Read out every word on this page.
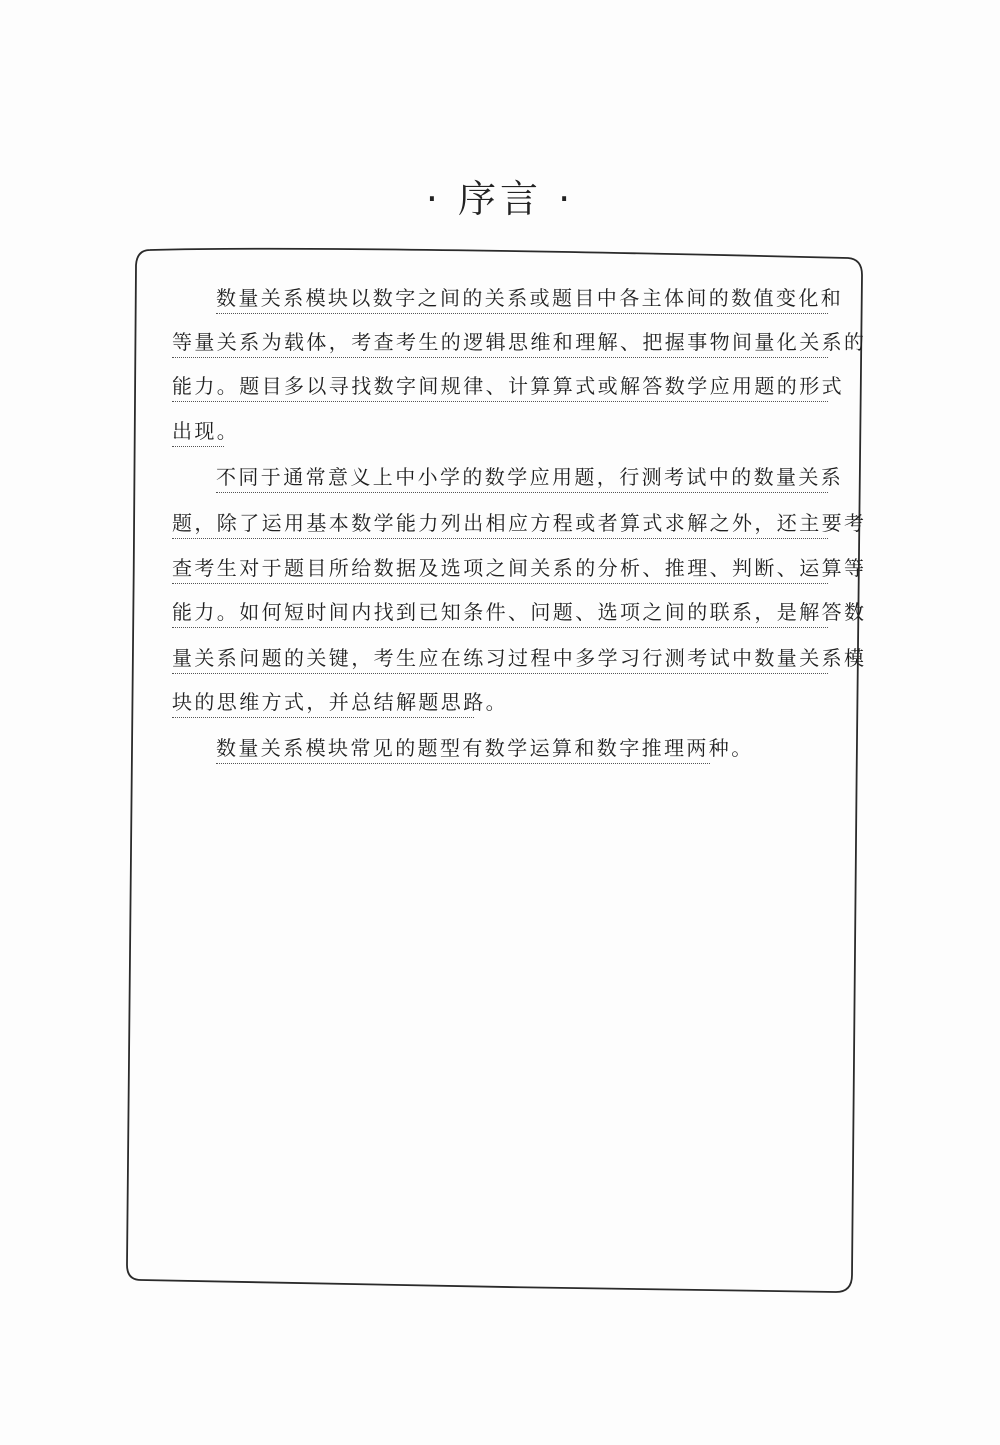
· 序言 ·
数量关系模块以数字之间的关系或题目中各主体间的数值变化和
等量关系为载体，考查考生的逻辑思维和理解、把握事物间量化关系的
能力。题目多以寻找数字间规律、计算算式或解答数学应用题的形式
出现。
不同于通常意义上中小学的数学应用题，行测考试中的数量关系
题，除了运用基本数学能力列出相应方程或者算式求解之外，还主要考
查考生对于题目所给数据及选项之间关系的分析、推理、判断、运算等
能力。如何短时间内找到已知条件、问题、选项之间的联系，是解答数
量关系问题的关键，考生应在练习过程中多学习行测考试中数量关系模
块的思维方式，并总结解题思路。
数量关系模块常见的题型有数学运算和数字推理两种。
